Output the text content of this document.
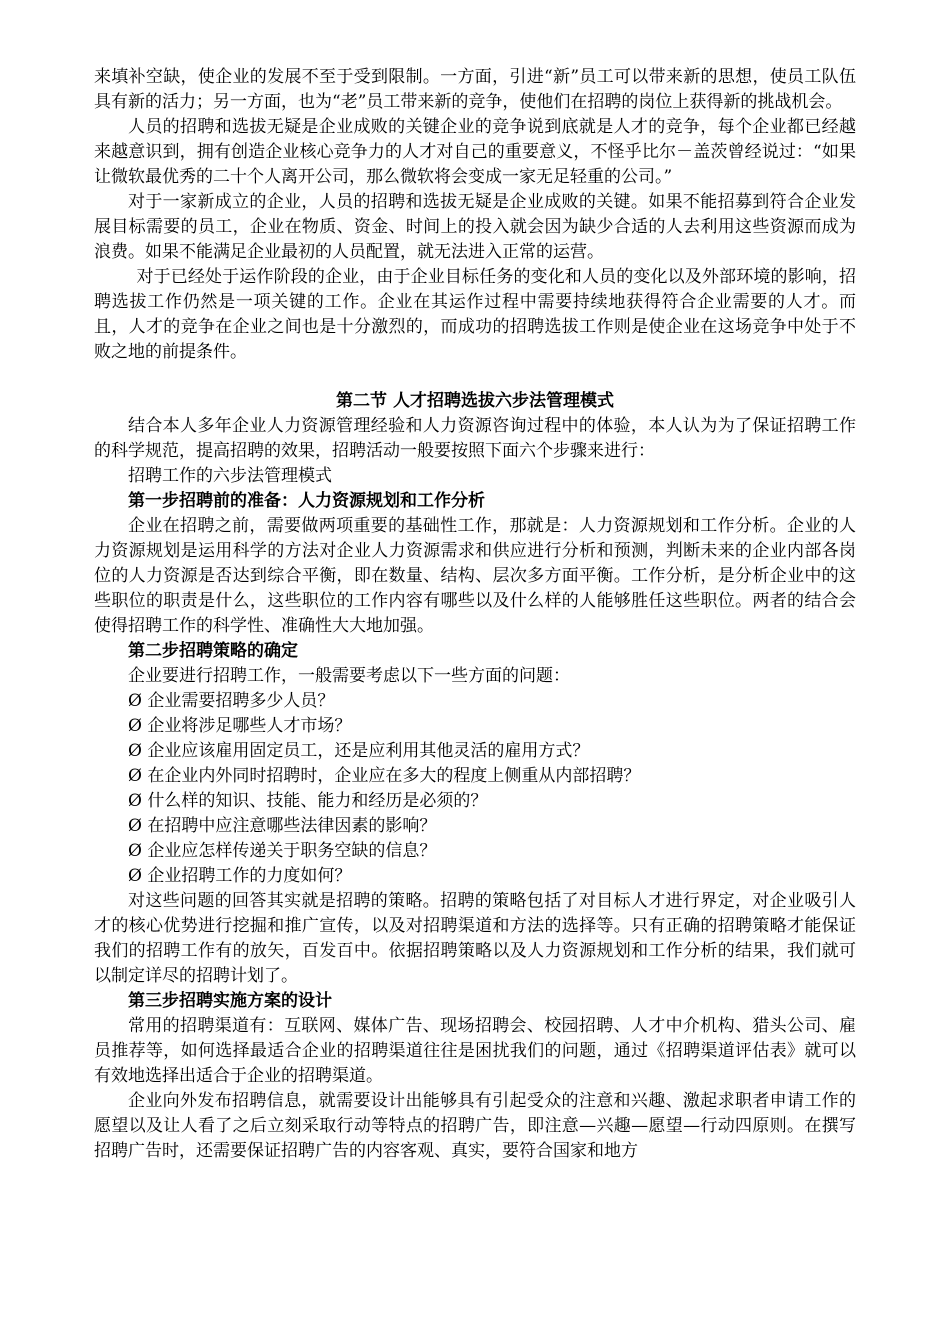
来填补空缺，使企业的发展不至于受到限制。一方面，引进“新”员工可以带来新的思想，使员工队伍具有新的活力；另一方面，也为“老”员工带来新的竞争，使他们在招聘的岗位上获得新的挑战机会。

人员的招聘和选拔无疑是企业成败的关键企业的竞争说到底就是人才的竞争，每个企业都已经越来越意识到，拥有创造企业核心竞争力的人才对自己的重要意义，不怪乎比尔－盖茨曾经说过：“如果让微软最优秀的二十个人离开公司，那么微软将会变成一家无足轻重的公司。”

对于一家新成立的企业，人员的招聘和选拔无疑是企业成败的关键。如果不能招募到符合企业发展目标需要的员工，企业在物质、资金、时间上的投入就会因为缺少合适的人去利用这些资源而成为浪费。如果不能满足企业最初的人员配置，就无法进入正常的运营。

对于已经处于运作阶段的企业，由于企业目标任务的变化和人员的变化以及外部环境的影响，招聘选拔工作仍然是一项关键的工作。企业在其运作过程中需要持续地获得符合企业需要的人才。而且，人才的竞争在企业之间也是十分激烈的，而成功的招聘选拔工作则是使企业在这场竞争中处于不败之地的前提条件。

第二节 人才招聘选拔六步法管理模式

结合本人多年企业人力资源管理经验和人力资源咨询过程中的体验，本人认为为了保证招聘工作的科学规范，提高招聘的效果，招聘活动一般要按照下面六个步骤来进行：

招聘工作的六步法管理模式

第一步招聘前的准备：人力资源规划和工作分析

企业在招聘之前，需要做两项重要的基础性工作，那就是：人力资源规划和工作分析。企业的人力资源规划是运用科学的方法对企业人力资源需求和供应进行分析和预测，判断未来的企业内部各岗位的人力资源是否达到综合平衡，即在数量、结构、层次多方面平衡。工作分析，是分析企业中的这些职位的职责是什么，这些职位的工作内容有哪些以及什么样的人能够胜任这些职位。两者的结合会使得招聘工作的科学性、准确性大大地加强。

第二步招聘策略的确定

企业要进行招聘工作，一般需要考虑以下一些方面的问题：

Ø 企业需要招聘多少人员？

Ø 企业将涉足哪些人才市场？

Ø 企业应该雇用固定员工，还是应利用其他灵活的雇用方式？

Ø 在企业内外同时招聘时，企业应在多大的程度上侧重从内部招聘？

Ø 什么样的知识、技能、能力和经历是必须的？

Ø 在招聘中应注意哪些法律因素的影响？

Ø 企业应怎样传递关于职务空缺的信息？

Ø 企业招聘工作的力度如何？

对这些问题的回答其实就是招聘的策略。招聘的策略包括了对目标人才进行界定，对企业吸引人才的核心优势进行挖掘和推广宣传，以及对招聘渠道和方法的选择等。只有正确的招聘策略才能保证我们的招聘工作有的放矢，百发百中。依据招聘策略以及人力资源规划和工作分析的结果，我们就可以制定详尽的招聘计划了。

第三步招聘实施方案的设计

常用的招聘渠道有：互联网、媒体广告、现场招聘会、校园招聘、人才中介机构、猎头公司、雇员推荐等，如何选择最适合企业的招聘渠道往往是困扰我们的问题，通过《招聘渠道评估表》就可以有效地选择出适合于企业的招聘渠道。

企业向外发布招聘信息，就需要设计出能够具有引起受众的注意和兴趣、激起求职者申请工作的愿望以及让人看了之后立刻采取行动等特点的招聘广告，即注意—兴趣—愿望—行动四原则。在撰写招聘广告时，还需要保证招聘广告的内容客观、真实，要符合国家和地方
